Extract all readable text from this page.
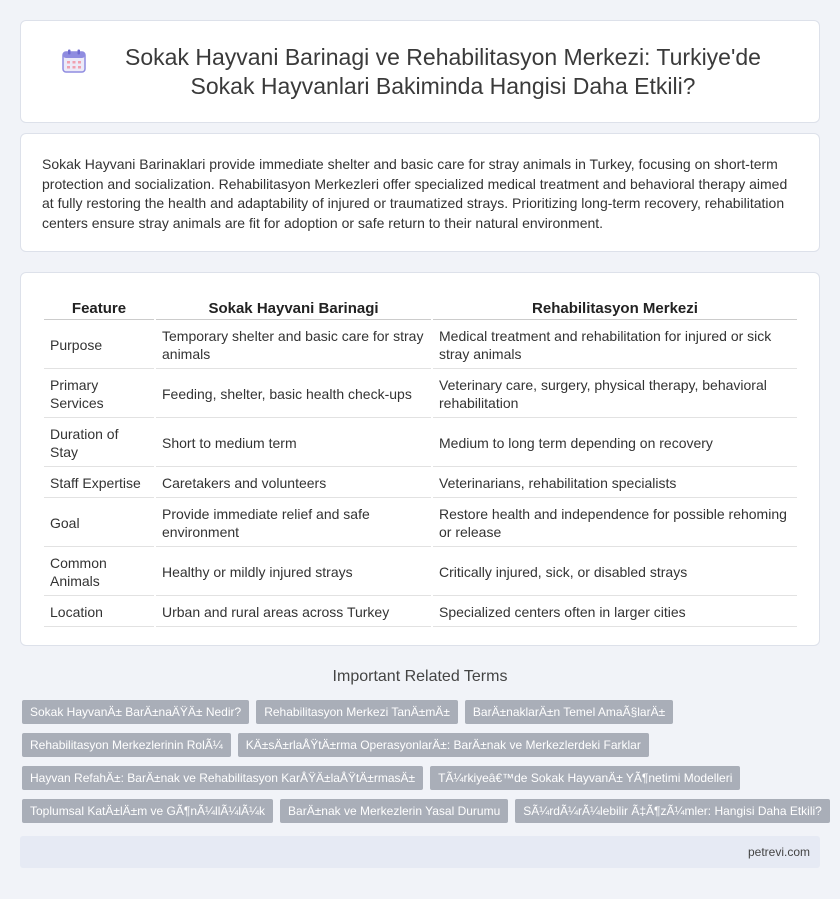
Sokak Hayvani Barinagi ve Rehabilitasyon Merkezi: Turkiye'de Sokak Hayvanlari Bakiminda Hangisi Daha Etkili?

Sokak Hayvani Barinaklari provide immediate shelter and basic care for stray animals in Turkey, focusing on short-term protection and socialization. Rehabilitasyon Merkezleri offer specialized medical treatment and behavioral therapy aimed at fully restoring the health and adaptability of injured or traumatized strays. Prioritizing long-term recovery, rehabilitation centers ensure stray animals are fit for adoption or safe return to their natural environment.

Feature	Sokak Hayvani Barinagi	Rehabilitasyon Merkezi
Purpose	Temporary shelter and basic care for stray animals	Medical treatment and rehabilitation for injured or sick stray animals
Primary Services	Feeding, shelter, basic health check-ups	Veterinary care, surgery, physical therapy, behavioral rehabilitation
Duration of Stay	Short to medium term	Medium to long term depending on recovery
Staff Expertise	Caretakers and volunteers	Veterinarians, rehabilitation specialists
Goal	Provide immediate relief and safe environment	Restore health and independence for possible rehoming or release
Common Animals	Healthy or mildly injured strays	Critically injured, sick, or disabled strays
Location	Urban and rural areas across Turkey	Specialized centers often in larger cities
Important Related Terms
Sokak HayvanÄ± BarÄ±naÄŸÄ± Nedir?	Rehabilitasyon Merkezi TanÄ±mÄ±	BarÄ±naklarÄ±n Temel AmaÃ§larÄ±
Rehabilitasyon Merkezlerinin RolÃ¼	KÄ±sÄ±rlaÅŸtÄ±rma OperasyonlarÄ±: BarÄ±nak ve Merkezlerdeki Farklar
Hayvan RefahÄ±: BarÄ±nak ve Rehabilitasyon KarÅŸÄ±laÅŸtÄ±rmasÄ±	TÃ¼rkiyeâ€™de Sokak HayvanÄ± YÃ¶netimi Modelleri
Toplumsal KatÄ±lÄ±m ve GÃ¶nÃ¼llÃ¼lÃ¼k	BarÄ±nak ve Merkezlerin Yasal Durumu	SÃ¼rdÃ¼rÃ¼lebilir Ã‡Ã¶zÃ¼mler: Hangisi Daha Etkili?
petrevi.com
